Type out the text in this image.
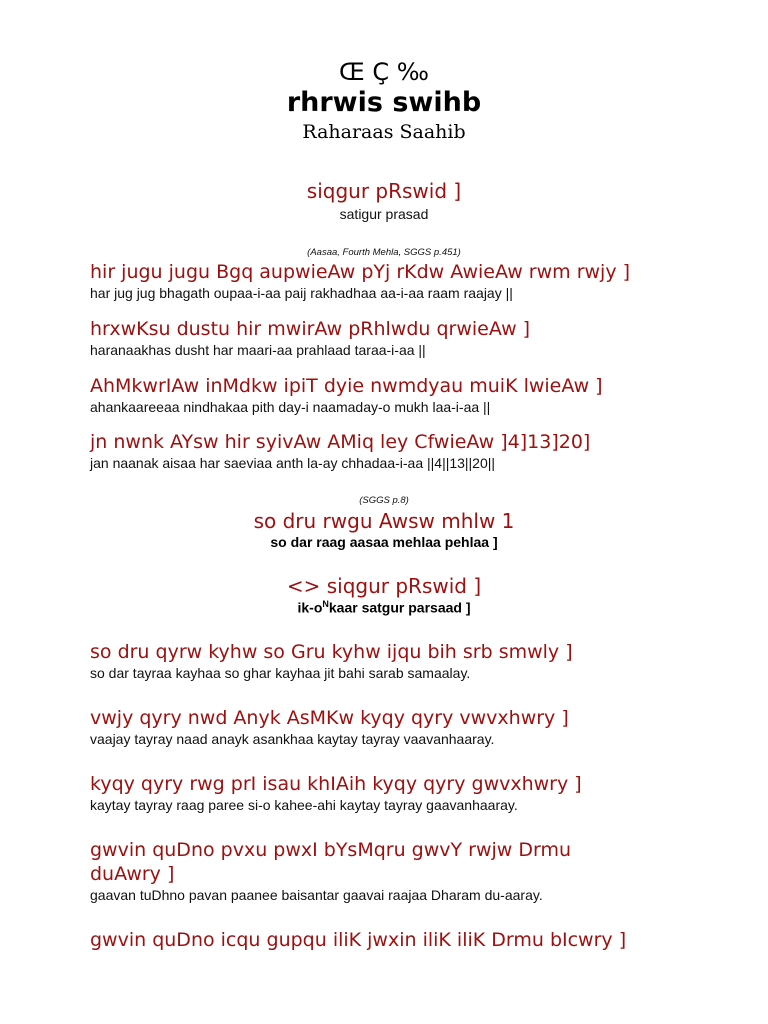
Œ Ç ‰
rhrwis swihb
Raharaas Saahib
siqgur pRswid ]
satigur prasad
(Aasaa, Fourth Mehla, SGGS p.451)
hir jugu jugu Bgq aupwieAw pYj rKdw AwieAw rwm rwjy ]
har jug jug bhagath oupaa-i-aa paij rakhadhaa aa-i-aa raam raajay ||
hrxwKsu dustu hir mwirAw pRhlwdu qrwieAw ]
haranaakhas dusht har maari-aa prahlaad taraa-i-aa ||
AhMkwrIAw inMdkw ipiT dyie nwmdyau muiK lwieAw ]
ahankaareeaa nindhakaa pith day-i naamaday-o mukh laa-i-aa ||
jn nwnk AYsw hir syivAw AMiq ley CfwieAw ]4]13]20]
jan naanak aisaa har saeviaa anth la-ay chhadaa-i-aa ||4||13||20||
(SGGS p.8)
so dru rwgu Awsw mhlw 1
so dar raag aasaa mehlaa pehlaa ]
<> siqgur pRswid ]
$ik-o^Nkaar$ satgur parsaad ]
so dru qyrw kyhw so Gru kyhw ijqu bih srb smwly ]
so dar tayraa kayhaa so ghar kayhaa jit bahi sarab samaalay.
vwjy qyry nwd Anyk AsMKw kyqy qyry vwvxhwry ]
vaajay tayray naad anayk asankhaa kaytay tayray vaavanhaaray.
kyqy qyry rwg prI isau khIAih kyqy qyry gwvxhwry ]
kaytay tayray raag paree si-o kahee-ahi kaytay tayray gaavanhaaray.
gwvin quDno pvxu pwxI bYsMqru gwvY rwjw Drmu duAwry ]
gaavan tuDhno pavan paanee baisantar gaavai raajaa Dharam du-aaray.
gwvin quDno icqu gupqu iliK jwxin iliK iliK Drmu bIcwry ]
